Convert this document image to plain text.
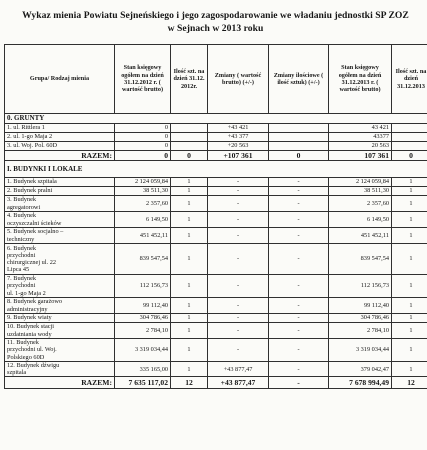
Wykaz mienia Powiatu Sejneńskiego i jego zagospodarowanie we władaniu jednostki SP ZOZ w Sejnach w 2013 roku
Grupa/ Rodzaj mienia	Stan księgowy ogółem na dzień 31.12.2012 r. ( wartość brutto)	Ilość szt. na dzień 31.12. 2012r.	Zmiany ( wartość brutto) (+/-)	Zmiany ilościowe ( ilość sztuk) (+/-)	Stan księgowy ogółem na dzień 31.12.2013 r. ( wartość brutto)	Ilość szt. na dzień 31.12.2013
0. GRUNTY						
1. ul. Rittlera 1	0		+43 421		43 421	
2. ul. 1-go Maja 2	0		+43 377		43377	
3. ul. Woj. Pol. 60D	0		+20 563		20 563	
RAZEM:	0	0	+107 361	0	107 361	0
I. BUDYNKI I LOKALE						
1. Budynek szpitala	2 124 059,84	1	-	-	2 124 059,84	1
2. Budynek pralni	38 511,30	1	-	-	38 511,30	1
3. Budynek
agregatorowi	2 357,60	1	-	-	2 357,60	1
4. Budynek
oczyszczalni ścieków	6 149,50	1	-	-	6 149,50	1
5. Budynek socjalno –
techniczny	451 452,11	1	-	-	451 452,11	1
6. Budynek
przychodni
chirurgicznej ul. 22
Lipca 45	839 547,54	1	-	-	839 547,54	1
7. Budynek
przychodni
ul. 1-go Maja 2	112 156,73	1	-	-	112 156,73	1
8. Budynek garażowo
administracyjny	99 112,40	1	-	-	99 112,40	1
9. Budynek wiaty	304 786,46	1	-	-	304 786,46	1
10. Budynek stacji
uzdatniania wody	2 784,10	1	-	-	2 784,10	1
11. Budynek
przychodni ul. Woj.
Polskiego 60D	3 319 034,44	1	-	-	3 319 034,44	1
12. Budynek dźwigu
szpitala	335 165,00	1	+43 877,47	-	379 042,47	1
RAZEM:	7 635 117,02	12	+43 877,47	-	7 678 994,49	12
